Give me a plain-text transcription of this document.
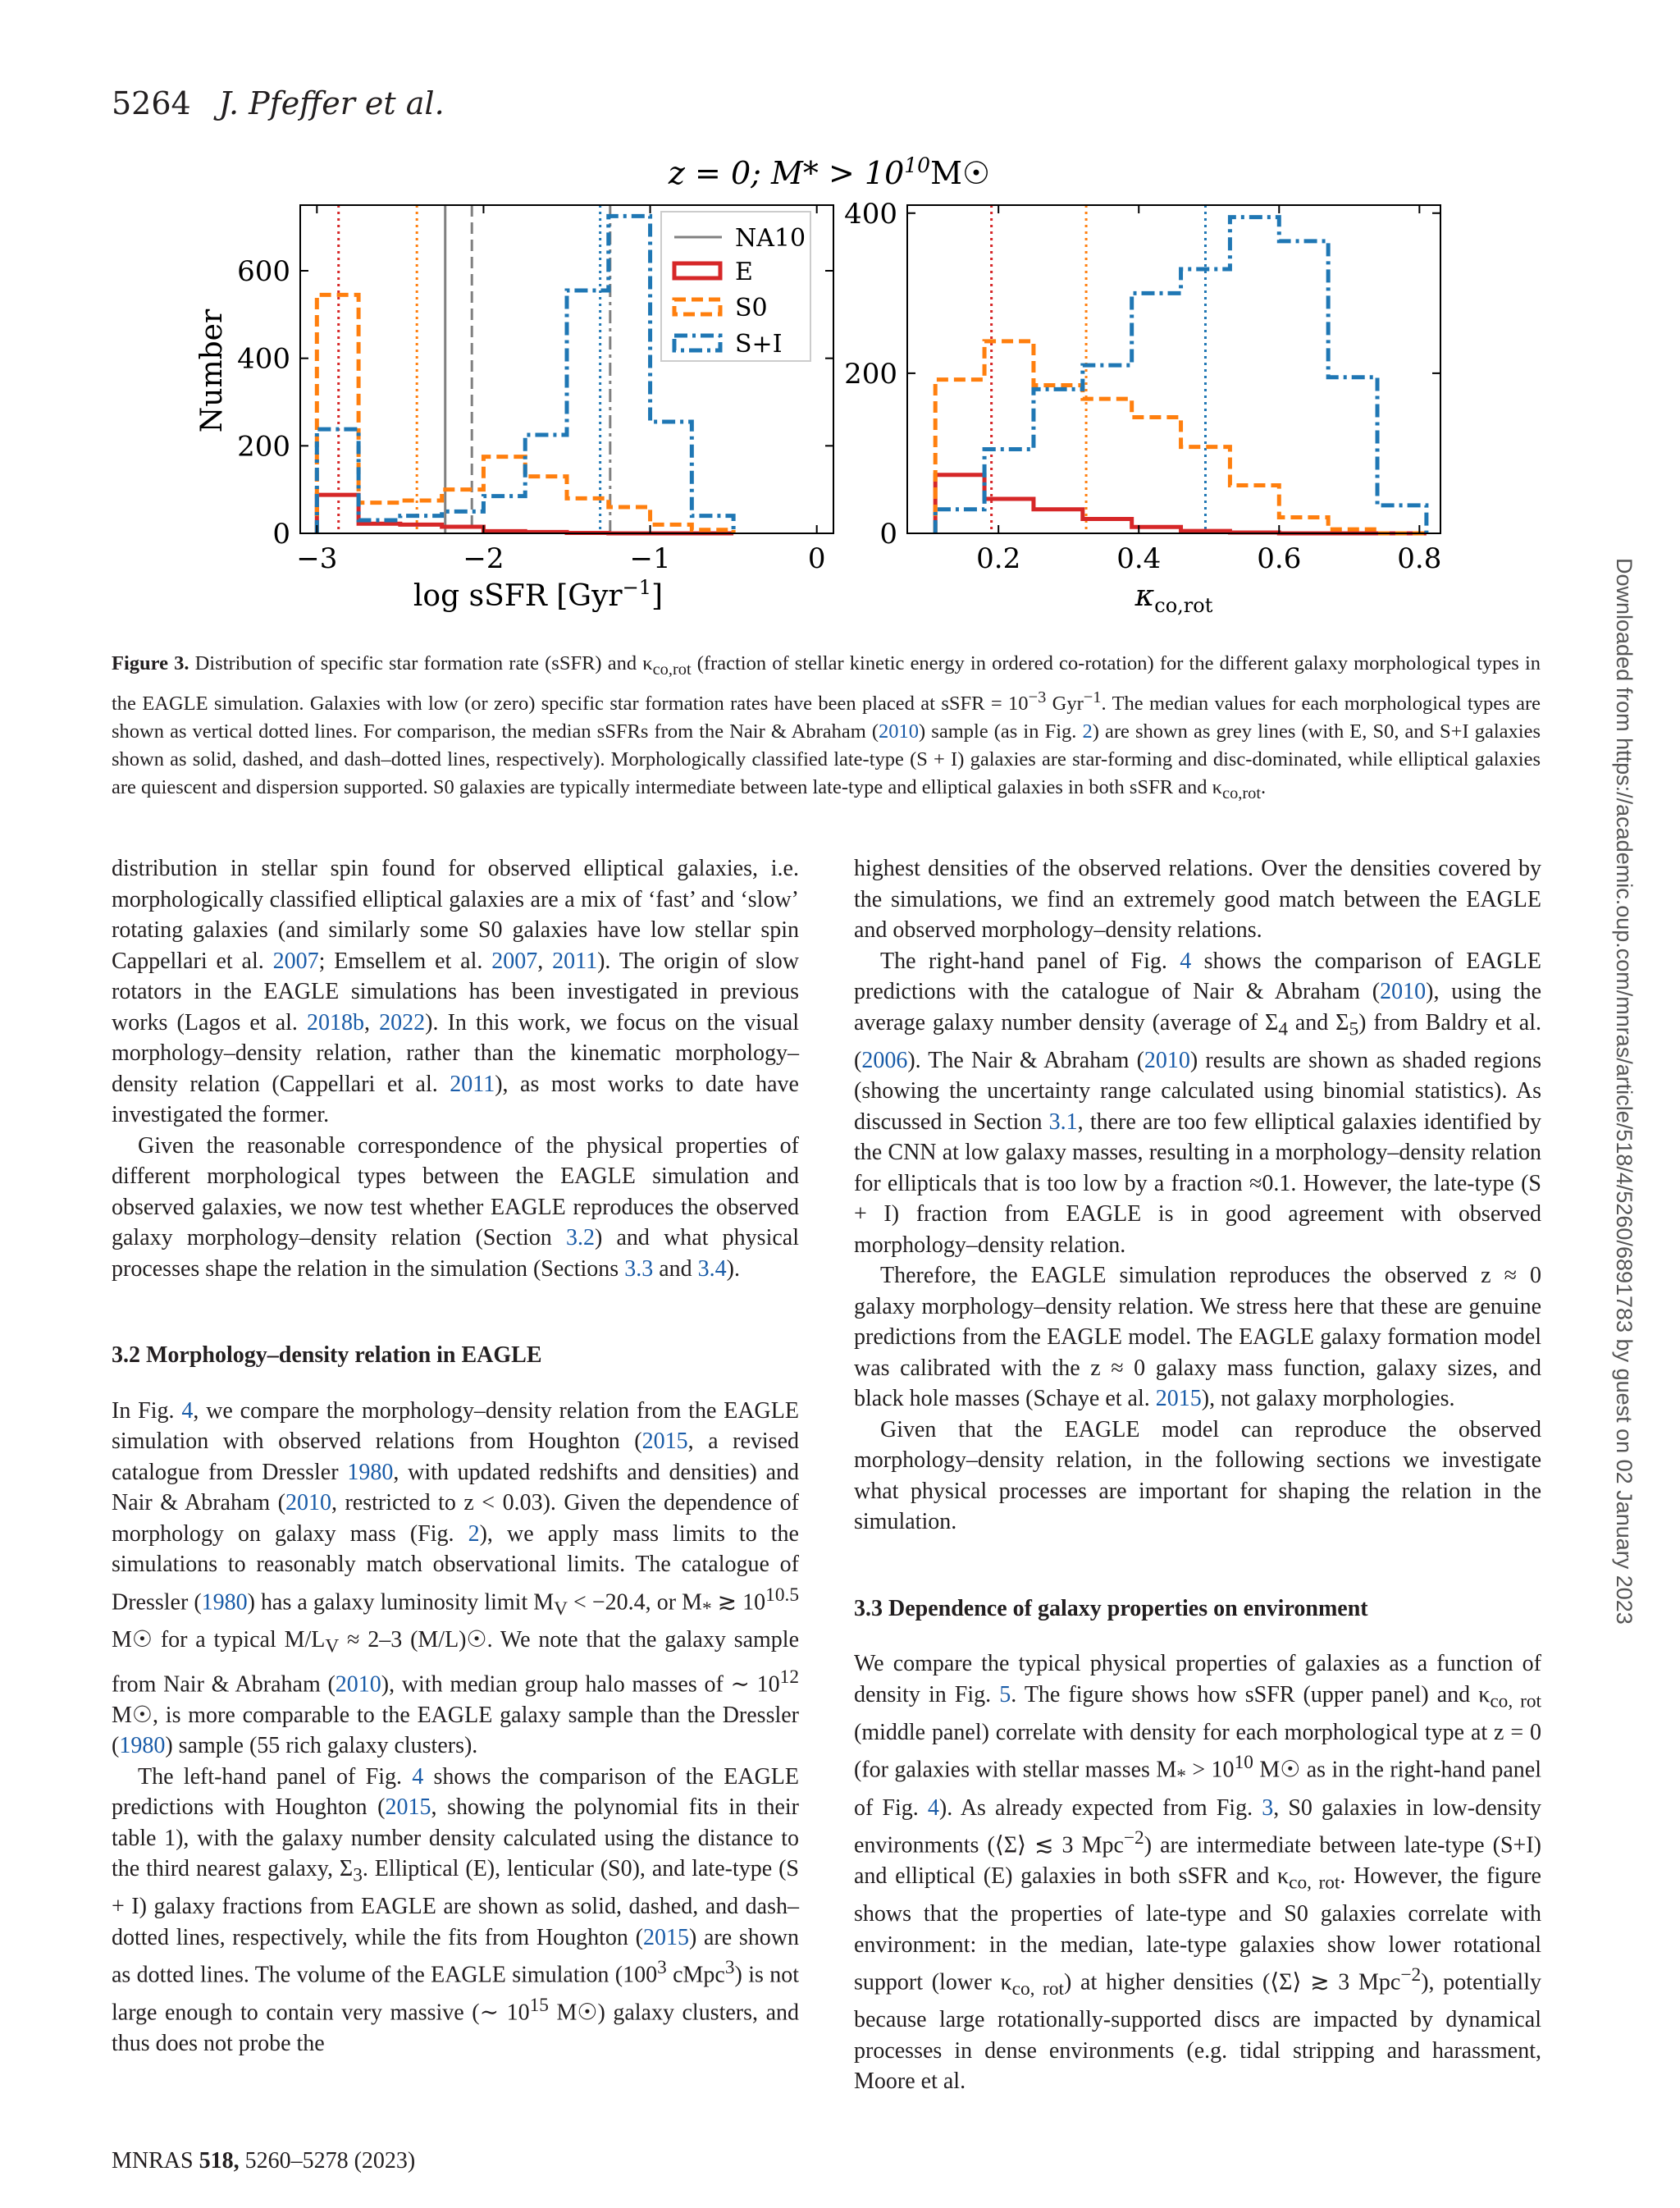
5264 J. Pfeffer et al.
z = 0; $M* > 10^{10}M☉$
−3	−2	−1	0
0
200
400
600
0.2	0.4	0.6	0.8
0
200
400
Number
log sSFR [Gyr$^{-1}$]	$\kappa_{co,rot}$
NA10
E
S0
S+I
Figure 3. Distribution of specific star formation rate (sSFR) and $\kappa_{co,rot}$ (fraction of stellar kinetic energy in ordered co-rotation) for the different galaxy morphological types in the EAGLE simulation. Galaxies with low (or zero) specific star formation rates have been placed at sSFR = $10^{-3}$ Gyr$^{-1}$. The median values for each morphological types are shown as vertical dotted lines. For comparison, the median sSFRs from the Nair & Abraham (2010) sample (as in Fig. 2) are shown as grey lines (with E, S0, and S+I galaxies shown as solid, dashed, and dash–dotted lines, respectively). Morphologically classified late-type (S + I) galaxies are star-forming and disc-dominated, while elliptical galaxies are quiescent and dispersion supported. S0 galaxies are typically intermediate between late-type and elliptical galaxies in both sSFR and $\kappa_{co,rot}$.

distribution in stellar spin found for observed elliptical galaxies, i.e. morphologically classified elliptical galaxies are a mix of ‘fast’ and ‘slow’ rotating galaxies (and similarly some S0 galaxies have low stellar spin Cappellari et al. 2007; Emsellem et al. 2007, 2011). The origin of slow rotators in the EAGLE simulations has been investigated in previous works (Lagos et al. 2018b, 2022). In this work, we focus on the visual morphology–density relation, rather than the kinematic morphology–density relation (Cappellari et al. 2011), as most works to date have investigated the former.

Given the reasonable correspondence of the physical properties of different morphological types between the EAGLE simulation and observed galaxies, we now test whether EAGLE reproduces the observed galaxy morphology–density relation (Section 3.2) and what physical processes shape the relation in the simulation (Sections 3.3 and 3.4).

3.2 Morphology–density relation in EAGLE

In Fig. 4, we compare the morphology–density relation from the EAGLE simulation with observed relations from Houghton (2015, a revised catalogue from Dressler 1980, with updated redshifts and densities) and Nair & Abraham (2010, restricted to z < 0.03). Given the dependence of morphology on galaxy mass (Fig. 2), we apply mass limits to the simulations to reasonably match observational limits. The catalogue of Dressler (1980) has a galaxy luminosity limit $M_V < -20.4$, or $M_*$ ≳ $10^{10.5}$ M☉ for a typical $M/L_V \approx 2-3$ (M/L)☉. We note that the galaxy sample from Nair & Abraham (2010), with median group halo masses of ∼ $10^{12}$ M☉, is more comparable to the EAGLE galaxy sample than the Dressler (1980) sample (55 rich galaxy clusters).

The left-hand panel of Fig. 4 shows the comparison of the EAGLE predictions with Houghton (2015, showing the polynomial fits in their table 1), with the galaxy number density calculated using the distance to the third nearest galaxy, $\Sigma_3$. Elliptical (E), lenticular (S0), and late-type (S + I) galaxy fractions from EAGLE are shown as solid, dashed, and dash–dotted lines, respectively, while the fits from Houghton (2015) are shown as dotted lines. The volume of the EAGLE simulation ($100^3$ cMpc$^3$) is not large enough to contain very massive (∼ $10^{15}$ M☉) galaxy clusters, and thus does not probe the

highest densities of the observed relations. Over the densities covered by the simulations, we find an extremely good match between the EAGLE and observed morphology–density relations.

The right-hand panel of Fig. 4 shows the comparison of EAGLE predictions with the catalogue of Nair & Abraham (2010), using the average galaxy number density (average of $\Sigma_4$ and $\Sigma_5$) from Baldry et al. (2006). The Nair & Abraham (2010) results are shown as shaded regions (showing the uncertainty range calculated using binomial statistics). As discussed in Section 3.1, there are too few elliptical galaxies identified by the CNN at low galaxy masses, resulting in a morphology–density relation for ellipticals that is too low by a fraction ≈0.1. However, the late-type (S + I) fraction from EAGLE is in good agreement with observed morphology–density relation.

Therefore, the EAGLE simulation reproduces the observed z ≈ 0 galaxy morphology–density relation. We stress here that these are genuine predictions from the EAGLE model. The EAGLE galaxy formation model was calibrated with the z ≈ 0 galaxy mass function, galaxy sizes, and black hole masses (Schaye et al. 2015), not galaxy morphologies.

Given that the EAGLE model can reproduce the observed morphology–density relation, in the following sections we investigate what physical processes are important for shaping the relation in the simulation.

3.3 Dependence of galaxy properties on environment

We compare the typical physical properties of galaxies as a function of density in Fig. 5. The figure shows how sSFR (upper panel) and $\kappa_{co, rot}$ (middle panel) correlate with density for each morphological type at z = 0 (for galaxies with stellar masses $M_* > 10^{10}$ M☉ as in the right-hand panel of Fig. 4). As already expected from Fig. 3, S0 galaxies in low-density environments (⟨Σ⟩ ≲ 3 Mpc$^{-2}$) are intermediate between late-type (S+I) and elliptical (E) galaxies in both sSFR and $\kappa_{co, rot}$. However, the figure shows that the properties of late-type and S0 galaxies correlate with environment: in the median, late-type galaxies show lower rotational support (lower $\kappa_{co, rot}$) at higher densities (⟨Σ⟩ ≳ 3 Mpc$^{-2}$), potentially because large rotationally-supported discs are impacted by dynamical processes in dense environments (e.g. tidal stripping and harassment, Moore et al.

MNRAS 518, 5260–5278 (2023)
Downloaded from https://academic.oup.com/mnras/article/518/4/5260/6891783 by guest on 02 January 2023
